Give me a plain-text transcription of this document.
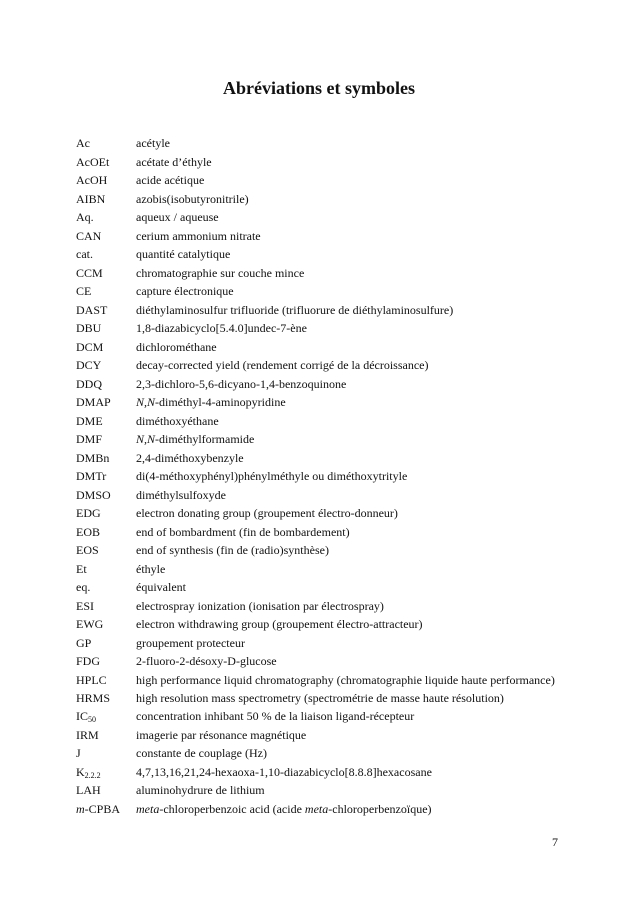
Abréviations et symboles
Ac	acétyle
AcOEt	acétate d’éthyle
AcOH	acide acétique
AIBN	azobis(isobutyronitrile)
Aq.	aqueux / aqueuse
CAN	cerium ammonium nitrate
cat.	quantité catalytique
CCM	chromatographie sur couche mince
CE	capture électronique
DAST	diéthylaminosulfur trifluoride (trifluorure de diéthylaminosulfure)
DBU	1,8-diazabicyclo[5.4.0]undec-7-ène
DCM	dichlorométhane
DCY	decay-corrected yield (rendement corrigé de la décroissance)
DDQ	2,3-dichloro-5,6-dicyano-1,4-benzoquinone
DMAP	N,N-diméthyl-4-aminopyridine
DME	diméthoxyéthane
DMF	N,N-diméthylformamide
DMBn	2,4-diméthoxybenzyle
DMTr	di(4-méthoxyphényl)phénylméthyle ou diméthoxytrityle
DMSO	diméthylsulfoxyde
EDG	electron donating group (groupement électro-donneur)
EOB	end of bombardment (fin de bombardement)
EOS	end of synthesis (fin de (radio)synthèse)
Et	éthyle
eq.	équivalent
ESI	electrospray ionization (ionisation par électrospray)
EWG	electron withdrawing group (groupement électro-attracteur)
GP	groupement protecteur
FDG	2-fluoro-2-désoxy-D-glucose
HPLC	high performance liquid chromatography (chromatographie liquide haute performance)
HRMS	high resolution mass spectrometry (spectrométrie de masse haute résolution)
$IC_{50}$	concentration inhibant 50 % de la liaison ligand-récepteur
IRM	imagerie par résonance magnétique
J	constante de couplage (Hz)
$K_{2.2.2}$	4,7,13,16,21,24-hexaoxa-1,10-diazabicyclo[8.8.8]hexacosane
LAH	aluminohydrure de lithium
m-CPBA	meta-chloroperbenzoic acid (acide meta-chloroperbenzoïque)
7
